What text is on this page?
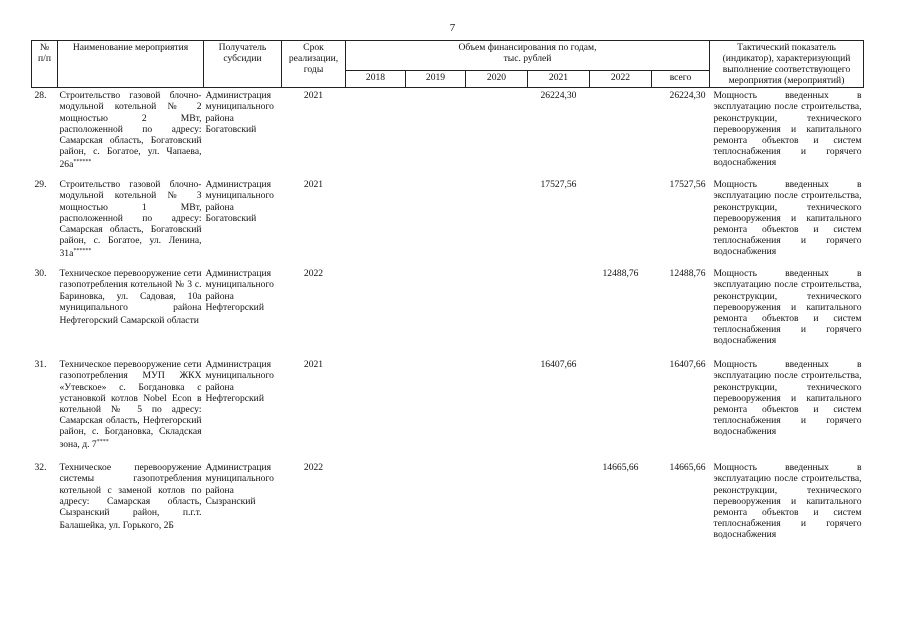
7
№
п/п	Наименование мероприятия	Получатель субсидии	Срок реализации, годы	Объем финансирования по годам,
тыс. рублей						Тактический показатель (индикатор), характеризующий выполнение соответствующего мероприятия (мероприятий)
				2018	2019	2020	2021	2022	всего	
28.	Строительство газовой блочно-модульной котельной № 2 мощностью 2 МВт, расположенной по адресу: Самарская область, Богатовский район, с. Богатое, ул. Чапаева, 26а******	Администрация муниципального района Богатовский	2021				26224,30		26224,30	Мощность введенных в эксплуатацию после строительства, реконструкции, технического перевооружения и капитального ремонта объектов и систем теплоснабжения и горячего водоснабжения
29.	Строительство газовой блочно-модульной котельной № 3 мощностью 1 МВт, расположенной по адресу: Самарская область, Богатовский район, с. Богатое, ул. Ленина, 31а******	Администрация муниципального района Богатовский	2021				17527,56		17527,56	Мощность введенных в эксплуатацию после строительства, реконструкции, технического перевооружения и капитального ремонта объектов и систем теплоснабжения и горячего водоснабжения
30.	Техническое перевооружение сети газопотребления котельной № 3 с. Бариновка, ул. Садовая, 10а муниципального района Нефтегорский Самарской области	Администрация муниципального района Нефтегорский	2022					12488,76	12488,76	Мощность введенных в эксплуатацию после строительства, реконструкции, технического перевооружения и капитального ремонта объектов и систем теплоснабжения и горячего водоснабжения
31.	Техническое перевооружение сети газопотребления МУП ЖКХ «Утевское» с. Богдановка с установкой котлов Nobel Econ в котельной № 5 по адресу: Самарская область, Нефтегорский район, с. Богдановка, Складская зона, д. 7****	Администрация муниципального района Нефтегорский	2021				16407,66		16407,66	Мощность введенных в эксплуатацию после строительства, реконструкции, технического перевооружения и капитального ремонта объектов и систем теплоснабжения и горячего водоснабжения
32.	Техническое перевооружение системы газопотребления котельной с заменой котлов по адресу: Самарская область, Сызранский район, п.г.т. Балашейка, ул. Горького, 2Б	Администрация муниципального района Сызранский	2022					14665,66	14665,66	Мощность введенных в эксплуатацию после строительства, реконструкции, технического перевооружения и капитального ремонта объектов и систем теплоснабжения и горячего водоснабжения
